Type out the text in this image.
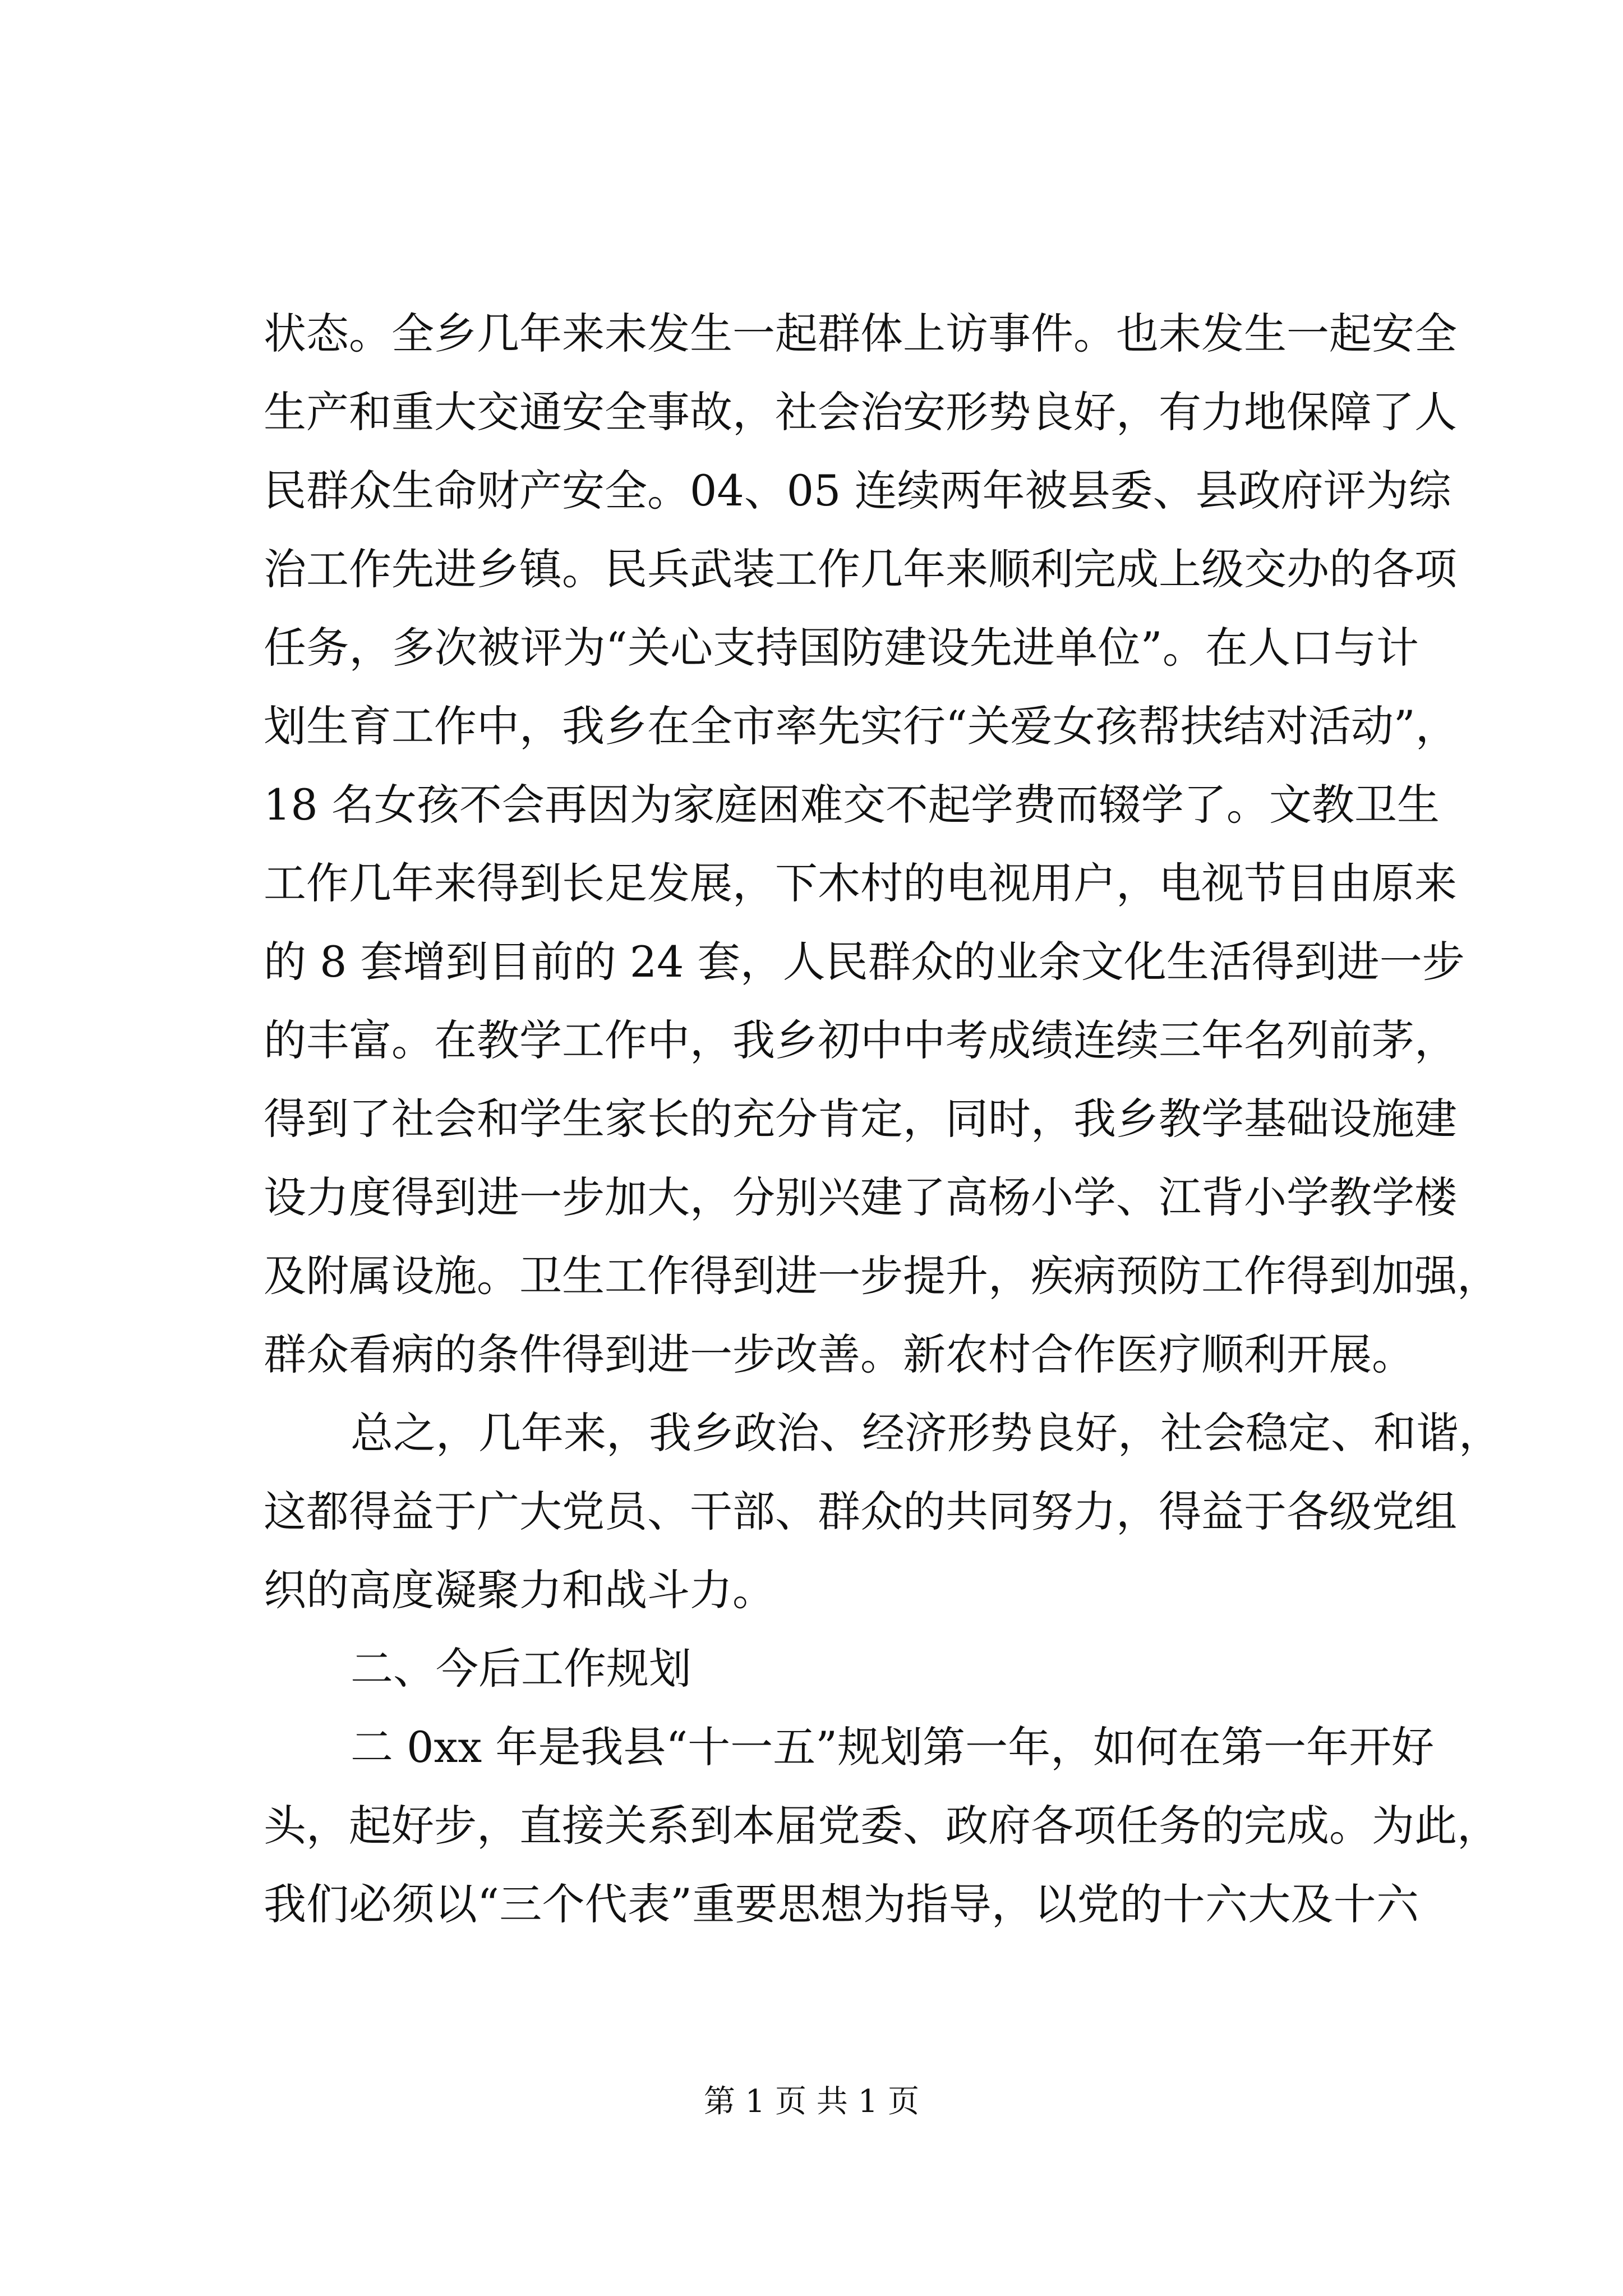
状态。全乡几年来未发生一起群体上访事件。也未发生一起安全
生产和重大交通安全事故，社会治安形势良好，有力地保障了人
民群众生命财产安全。04、05 连续两年被县委、县政府评为综
治工作先进乡镇。民兵武装工作几年来顺利完成上级交办的各项
任务，多次被评为“关心支持国防建设先进单位”。在人口与计
划生育工作中，我乡在全市率先实行“关爱女孩帮扶结对活动”，
18 名女孩不会再因为家庭困难交不起学费而辍学了。文教卫生
工作几年来得到长足发展，下木村的电视用户，电视节目由原来
的 8 套增到目前的 24 套，人民群众的业余文化生活得到进一步
的丰富。在教学工作中，我乡初中中考成绩连续三年名列前茅，
得到了社会和学生家长的充分肯定，同时，我乡教学基础设施建
设力度得到进一步加大，分别兴建了高杨小学、江背小学教学楼
及附属设施。卫生工作得到进一步提升，疾病预防工作得到加强，
群众看病的条件得到进一步改善。新农村合作医疗顺利开展。
总之，几年来，我乡政治、经济形势良好，社会稳定、和谐，
这都得益于广大党员、干部、群众的共同努力，得益于各级党组
织的高度凝聚力和战斗力。
二、今后工作规划
二 0xx 年是我县“十一五”规划第一年，如何在第一年开好
头，起好步，直接关系到本届党委、政府各项任务的完成。为此，
我们必须以“三个代表”重要思想为指导，以党的十六大及十六
第 1 页 共 1 页
